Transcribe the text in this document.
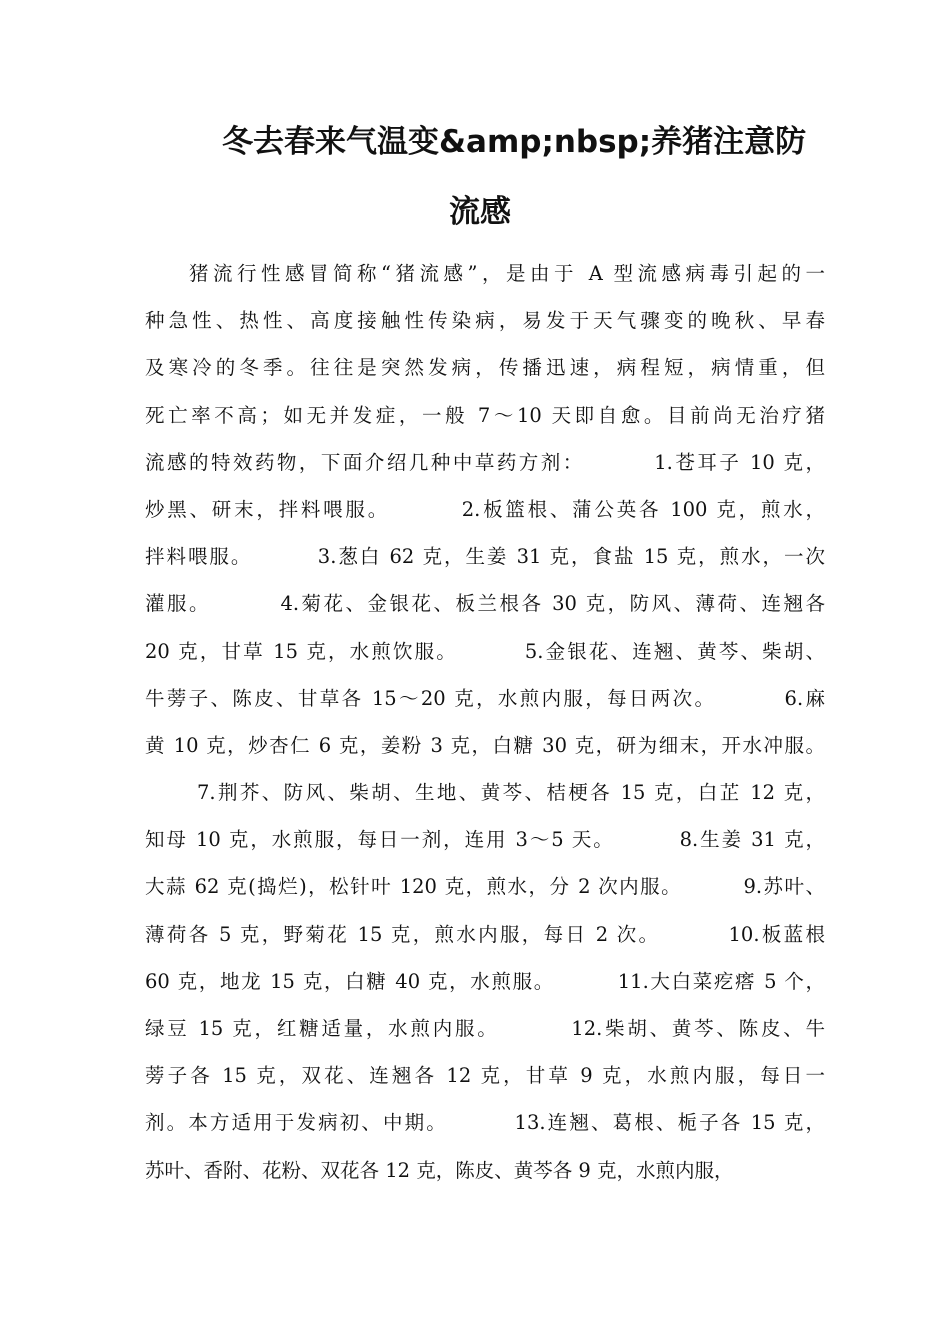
冬去春来气温变&amp;nbsp;养猪注意防
流感
猪流行性感冒简称“猪流感”，是由于 A 型流感病毒引起的一
种急性、热性、高度接触性传染病，易发于天气骤变的晚秋、早春
及寒冷的冬季。往往是突然发病，传播迅速，病程短，病情重，但
死亡率不高；如无并发症，一般 7～10 天即自愈。目前尚无治疗猪
流感的特效药物，下面介绍几种中草药方剂：        1.苍耳子 10 克，
炒黑、研末，拌料喂服。        2.板篮根、蒲公英各 100 克，煎水，
拌料喂服。        3.葱白 62 克，生姜 31 克，食盐 15 克，煎水，一次
灌服。        4.菊花、金银花、板兰根各 30 克，防风、薄荷、连翘各
20 克，甘草 15 克，水煎饮服。        5.金银花、连翘、黄芩、柴胡、
牛蒡子、陈皮、甘草各 15～20 克，水煎内服，每日两次。        6.麻
黄 10 克，炒杏仁 6 克，姜粉 3 克，白糖 30 克，研为细末，开水冲服。
7.荆芥、防风、柴胡、生地、黄芩、桔梗各 15 克，白芷 12 克，
知母 10 克，水煎服，每日一剂，连用 3～5 天。        8.生姜 31 克，
大蒜 62 克(捣烂)，松针叶 120 克，煎水，分 2 次内服。        9.苏叶、
薄荷各 5 克，野菊花 15 克，煎水内服，每日 2 次。        10.板蓝根
60 克，地龙 15 克，白糖 40 克，水煎服。        11.大白菜疙瘩 5 个，
绿豆 15 克，红糖适量，水煎内服。        12.柴胡、黄芩、陈皮、牛
蒡子各 15 克，双花、连翘各 12 克，甘草 9 克，水煎内服，每日一
剂。本方适用于发病初、中期。        13.连翘、葛根、栀子各 15 克，
苏叶、香附、花粉、双花各 12 克，陈皮、黄芩各 9 克，水煎内服，
